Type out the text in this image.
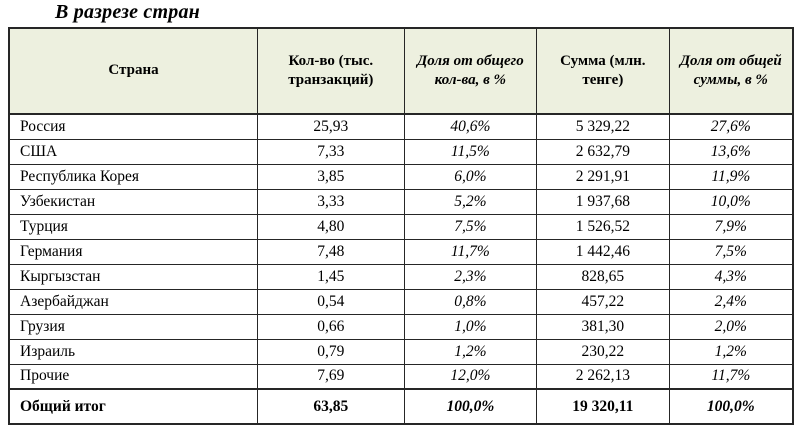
В разрезе стран
Страна	Кол-во (тыс. транзакций)	Доля от общего кол-ва, в %	Сумма (млн. тенге)	Доля от общей суммы, в %
Россия	25,93	40,6%	5 329,22	27,6%
США	7,33	11,5%	2 632,79	13,6%
Республика Корея	3,85	6,0%	2 291,91	11,9%
Узбекистан	3,33	5,2%	1 937,68	10,0%
Турция	4,80	7,5%	1 526,52	7,9%
Германия	7,48	11,7%	1 442,46	7,5%
Кыргызстан	1,45	2,3%	828,65	4,3%
Азербайджан	0,54	0,8%	457,22	2,4%
Грузия	0,66	1,0%	381,30	2,0%
Израиль	0,79	1,2%	230,22	1,2%
Прочие	7,69	12,0%	2 262,13	11,7%
Общий итог	63,85	100,0%	19 320,11	100,0%
